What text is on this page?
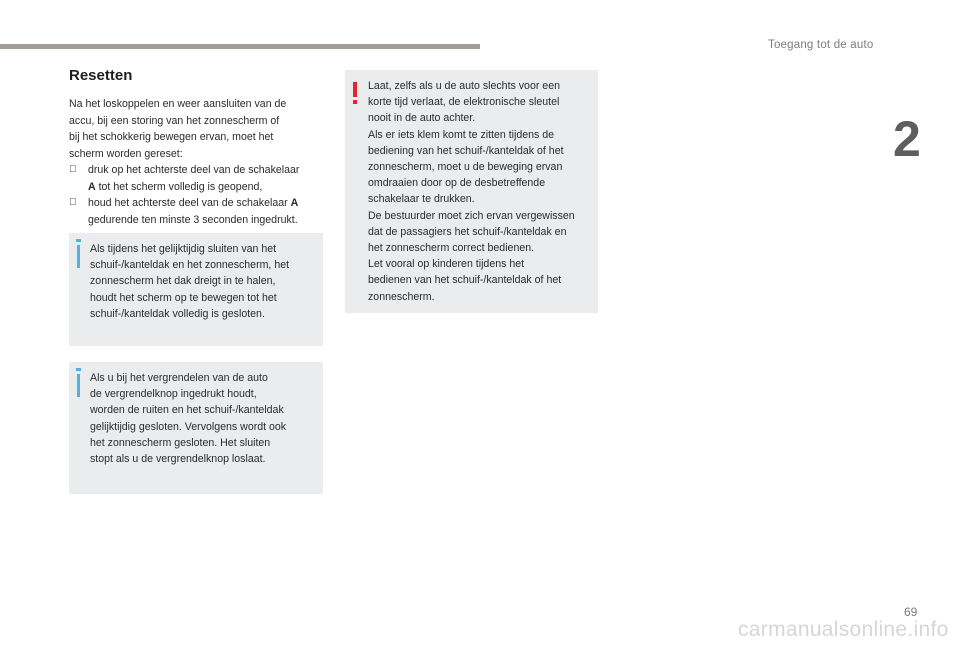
Toegang tot de auto
2
Resetten
Na het loskoppelen en weer aansluiten van de
accu, bij een storing van het zonnescherm of
bij het schokkerig bewegen ervan, moet het
scherm worden gereset:
druk op het achterste deel van de schakelaar
A tot het scherm volledig is geopend,
houd het achterste deel van de schakelaar A
gedurende ten minste 3 seconden ingedrukt.
Als tijdens het gelijktijdig sluiten van het
schuif-/kanteldak en het zonnescherm, het
zonnescherm het dak dreigt in te halen,
houdt het scherm op te bewegen tot het
schuif-/kanteldak volledig is gesloten.
Als u bij het vergrendelen van de auto
de vergrendelknop ingedrukt houdt,
worden de ruiten en het schuif-/kanteldak
gelijktijdig gesloten. Vervolgens wordt ook
het zonnescherm gesloten. Het sluiten
stopt als u de vergrendelknop loslaat.
Laat, zelfs als u de auto slechts voor een
korte tijd verlaat, de elektronische sleutel
nooit in de auto achter.
Als er iets klem komt te zitten tijdens de
bediening van het schuif-/kanteldak of het
zonnescherm, moet u de beweging ervan
omdraaien door op de desbetreffende
schakelaar te drukken.
De bestuurder moet zich ervan vergewissen
dat de passagiers het schuif-/kanteldak en
het zonnescherm correct bedienen.
Let vooral op kinderen tijdens het
bedienen van het schuif-/kanteldak of het
zonnescherm.
69
carmanualsonline.info
